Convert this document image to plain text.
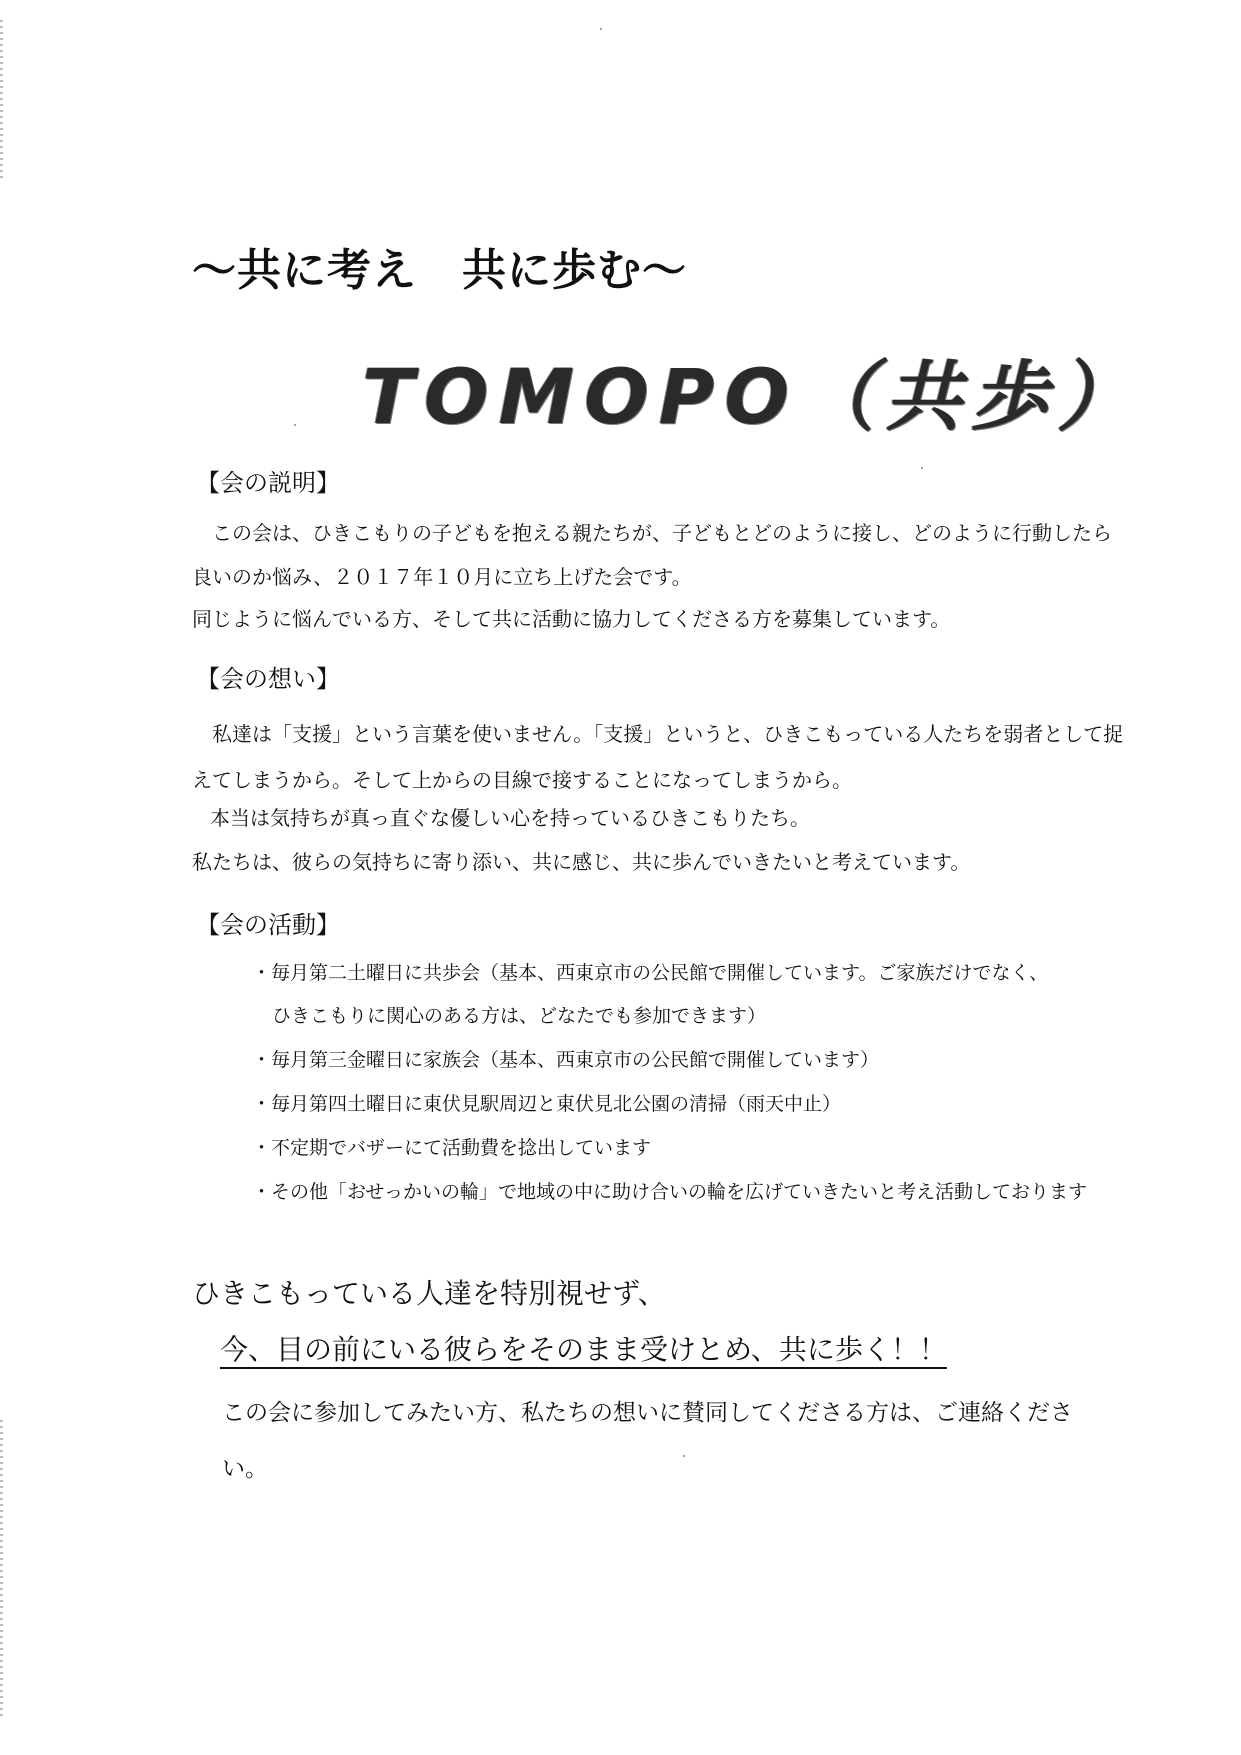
～共に考え　共に歩む～
TOMOPO（共歩）
【会の説明】
この会は、ひきこもりの子どもを抱える親たちが、子どもとどのように接し、どのように行動したら
良いのか悩み、２０１７年１０月に立ち上げた会です。
同じように悩んでいる方、そして共に活動に協力してくださる方を募集しています。
【会の想い】
私達は「支援」という言葉を使いません。「支援」というと、ひきこもっている人たちを弱者として捉
えてしまうから。そして上からの目線で接することになってしまうから。
本当は気持ちが真っ直ぐな優しい心を持っているひきこもりたち。
私たちは、彼らの気持ちに寄り添い、共に感じ、共に歩んでいきたいと考えています。
【会の活動】
・毎月第二土曜日に共歩会（基本、西東京市の公民館で開催しています。ご家族だけでなく、
ひきこもりに関心のある方は、どなたでも参加できます）
・毎月第三金曜日に家族会（基本、西東京市の公民館で開催しています）
・毎月第四土曜日に東伏見駅周辺と東伏見北公園の清掃（雨天中止）
・不定期でバザーにて活動費を捻出しています
・その他「おせっかいの輪」で地域の中に助け合いの輪を広げていきたいと考え活動しております
ひきこもっている人達を特別視せず、
今、目の前にいる彼らをそのまま受けとめ、共に歩く！！
この会に参加してみたい方、私たちの想いに賛同してくださる方は、ご連絡くださ
い。
